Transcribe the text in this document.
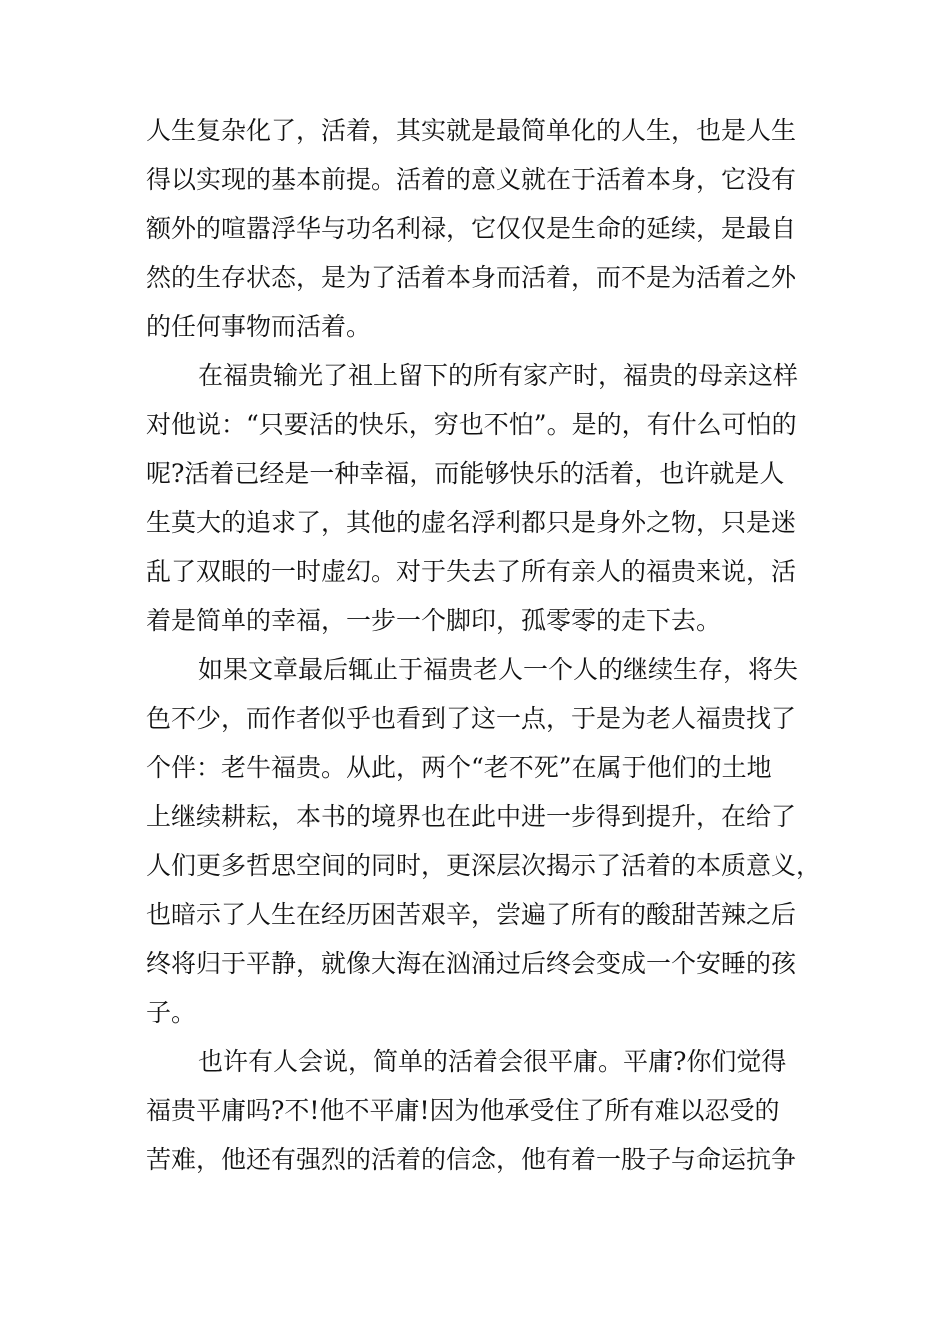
人生复杂化了，活着，其实就是最简单化的人生，也是人生
得以实现的基本前提。活着的意义就在于活着本身，它没有
额外的喧嚣浮华与功名利禄，它仅仅是生命的延续，是最自
然的生存状态，是为了活着本身而活着，而不是为活着之外
的任何事物而活着。
在福贵输光了祖上留下的所有家产时，福贵的母亲这样
对他说：“只要活的快乐，穷也不怕”。是的，有什么可怕的
呢?活着已经是一种幸福，而能够快乐的活着，也许就是人
生莫大的追求了，其他的虚名浮利都只是身外之物，只是迷
乱了双眼的一时虚幻。对于失去了所有亲人的福贵来说，活
着是简单的幸福，一步一个脚印，孤零零的走下去。
如果文章最后辄止于福贵老人一个人的继续生存，将失
色不少，而作者似乎也看到了这一点，于是为老人福贵找了
个伴：老牛福贵。从此，两个“老不死”在属于他们的土地
上继续耕耘，本书的境界也在此中进一步得到提升，在给了
人们更多哲思空间的同时，更深层次揭示了活着的本质意义，
也暗示了人生在经历困苦艰辛，尝遍了所有的酸甜苦辣之后
终将归于平静，就像大海在汹涌过后终会变成一个安睡的孩
子。
也许有人会说，简单的活着会很平庸。平庸?你们觉得
福贵平庸吗?不!他不平庸!因为他承受住了所有难以忍受的
苦难，他还有强烈的活着的信念，他有着一股子与命运抗争
